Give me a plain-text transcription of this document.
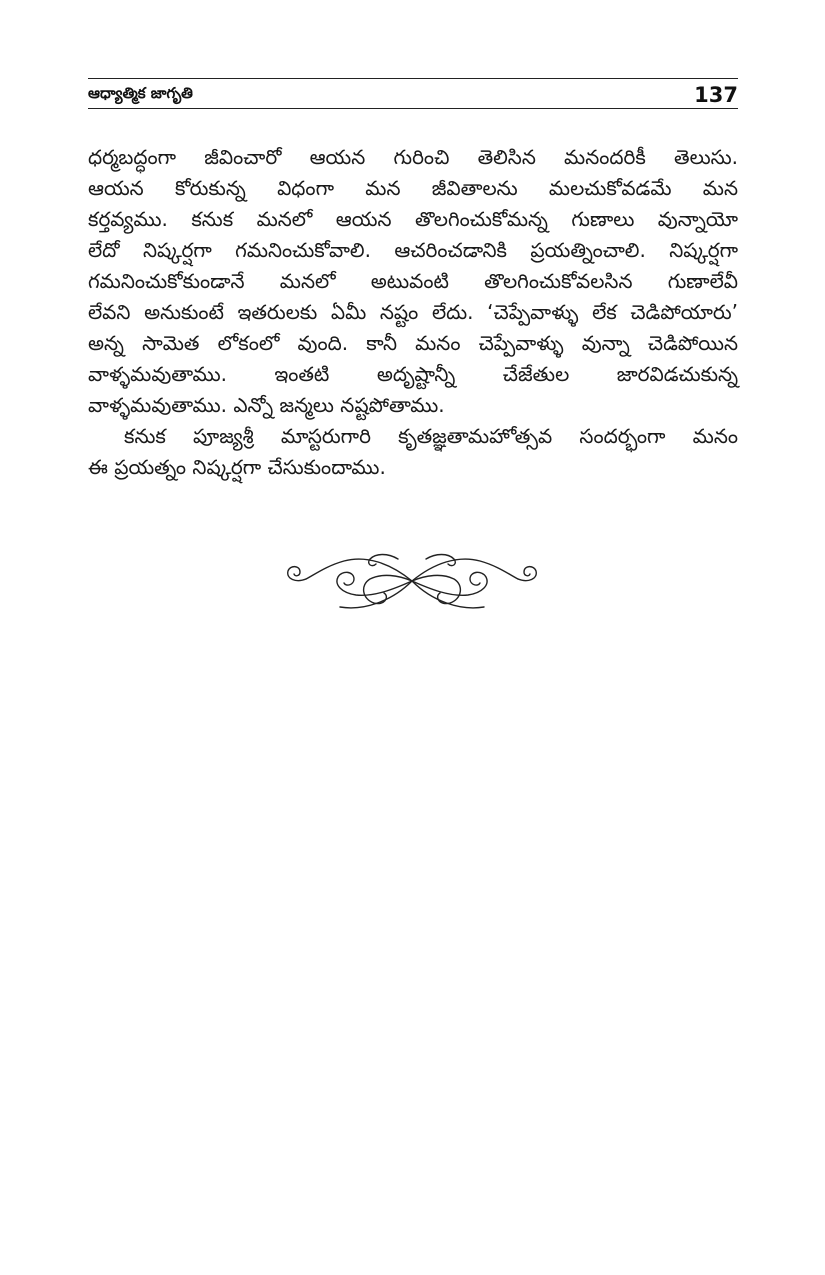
ఆధ్యాత్మిక జాగృతి	137
ధర్మబద్ధంగా జీవించారో ఆయన గురించి తెలిసిన మనందరికీ తెలుసు.
ఆయన కోరుకున్న విధంగా మన జీవితాలను మలచుకోవడమే మన
కర్తవ్యము. కనుక మనలో ఆయన తొలగించుకోమన్న గుణాలు వున్నాయో
లేదో నిష్కర్షగా గమనించుకోవాలి. ఆచరించడానికి ప్రయత్నించాలి. నిష్కర్షగా
గమనించుకోకుండానే మనలో అటువంటి తొలగించుకోవలసిన గుణాలేవీ
లేవని అనుకుంటే ఇతరులకు ఏమీ నష్టం లేదు. ‘చెప్పేవాళ్ళు లేక చెడిపోయారు’
అన్న సామెత లోకంలో వుంది. కానీ మనం చెప్పేవాళ్ళు వున్నా చెడిపోయిన
వాళ్ళమవుతాము. ఇంతటి అదృష్టాన్నీ చేజేతుల జారవిడచుకున్న
వాళ్ళమవుతాము. ఎన్నో జన్మలు నష్టపోతాము.
కనుక పూజ్యశ్రీ మాస్టరుగారి కృతజ్ఞతామహోత్సవ సందర్భంగా మనం
ఈ ప్రయత్నం నిష్కర్షగా చేసుకుందాము.
